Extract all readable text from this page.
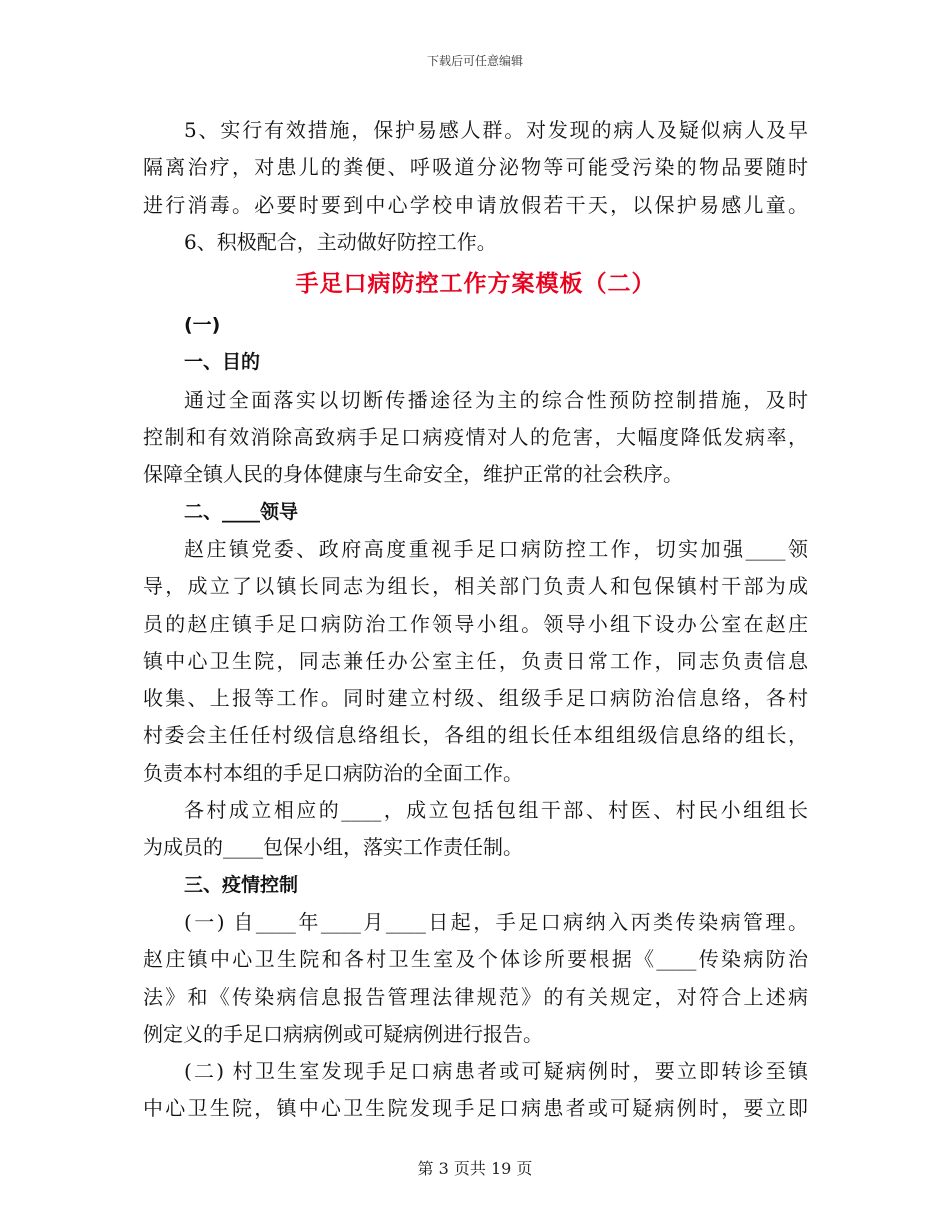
下载后可任意编辑
5、实行有效措施，保护易感人群。对发现的病人及疑似病人及早
隔离治疗，对患儿的粪便、呼吸道分泌物等可能受污染的物品要随时
进行消毒。必要时要到中心学校申请放假若干天，以保护易感儿童。
6、积极配合，主动做好防控工作。
手足口病防控工作方案模板（二）
(一)
一、目的
通过全面落实以切断传播途径为主的综合性预防控制措施，及时
控制和有效消除高致病手足口病疫情对人的危害，大幅度降低发病率，
保障全镇人民的身体健康与生命安全，维护正常的社会秩序。
二、____领导
赵庄镇党委、政府高度重视手足口病防控工作，切实加强____领
导，成立了以镇长同志为组长，相关部门负责人和包保镇村干部为成
员的赵庄镇手足口病防治工作领导小组。领导小组下设办公室在赵庄
镇中心卫生院，同志兼任办公室主任，负责日常工作，同志负责信息
收集、上报等工作。同时建立村级、组级手足口病防治信息络，各村
村委会主任任村级信息络组长，各组的组长任本组组级信息络的组长，
负责本村本组的手足口病防治的全面工作。
各村成立相应的____，成立包括包组干部、村医、村民小组组长
为成员的____包保小组，落实工作责任制。
三、疫情控制
(一) 自____年____月____日起，手足口病纳入丙类传染病管理。
赵庄镇中心卫生院和各村卫生室及个体诊所要根据《____传染病防治
法》和《传染病信息报告管理法律规范》的有关规定，对符合上述病
例定义的手足口病病例或可疑病例进行报告。
(二) 村卫生室发现手足口病患者或可疑病例时，要立即转诊至镇
中心卫生院，镇中心卫生院发现手足口病患者或可疑病例时，要立即
第 3 页共 19 页
